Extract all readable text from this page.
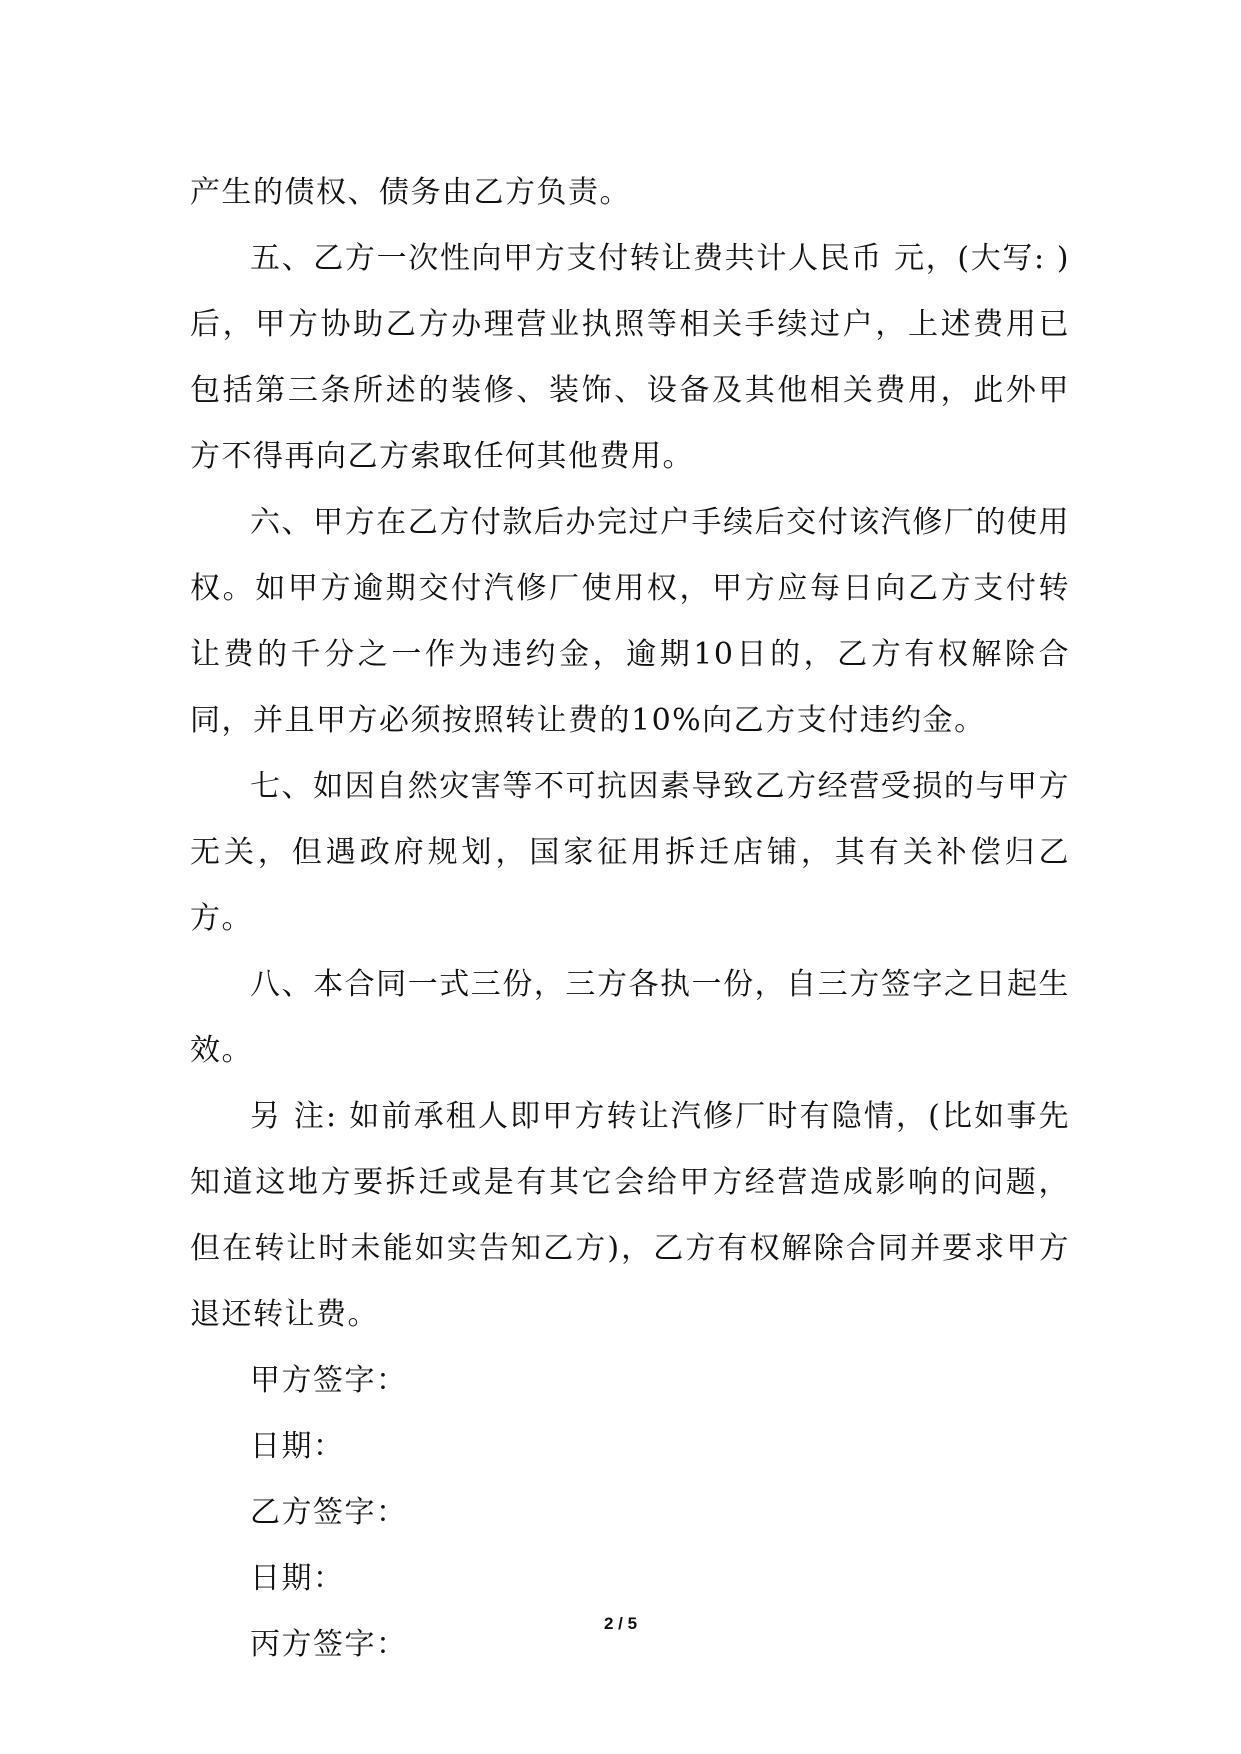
产生的债权、债务由乙方负责。

五、乙方一次性向甲方支付转让费共计人民币 元，(大写: )后，甲方协助乙方办理营业执照等相关手续过户，上述费用已包括第三条所述的装修、装饰、设备及其他相关费用，此外甲方不得再向乙方索取任何其他费用。

六、甲方在乙方付款后办完过户手续后交付该汽修厂的使用权。如甲方逾期交付汽修厂使用权，甲方应每日向乙方支付转让费的千分之一作为违约金，逾期10日的，乙方有权解除合同，并且甲方必须按照转让费的10%向乙方支付违约金。

七、如因自然灾害等不可抗因素导致乙方经营受损的与甲方无关，但遇政府规划，国家征用拆迁店铺，其有关补偿归乙方。

八、本合同一式三份，三方各执一份，自三方签字之日起生效。

另 注: 如前承租人即甲方转让汽修厂时有隐情，(比如事先知道这地方要拆迁或是有其它会给甲方经营造成影响的问题，但在转让时未能如实告知乙方)，乙方有权解除合同并要求甲方退还转让费。

甲方签字：

日期：

乙方签字：

日期：

丙方签字：

2 / 5
